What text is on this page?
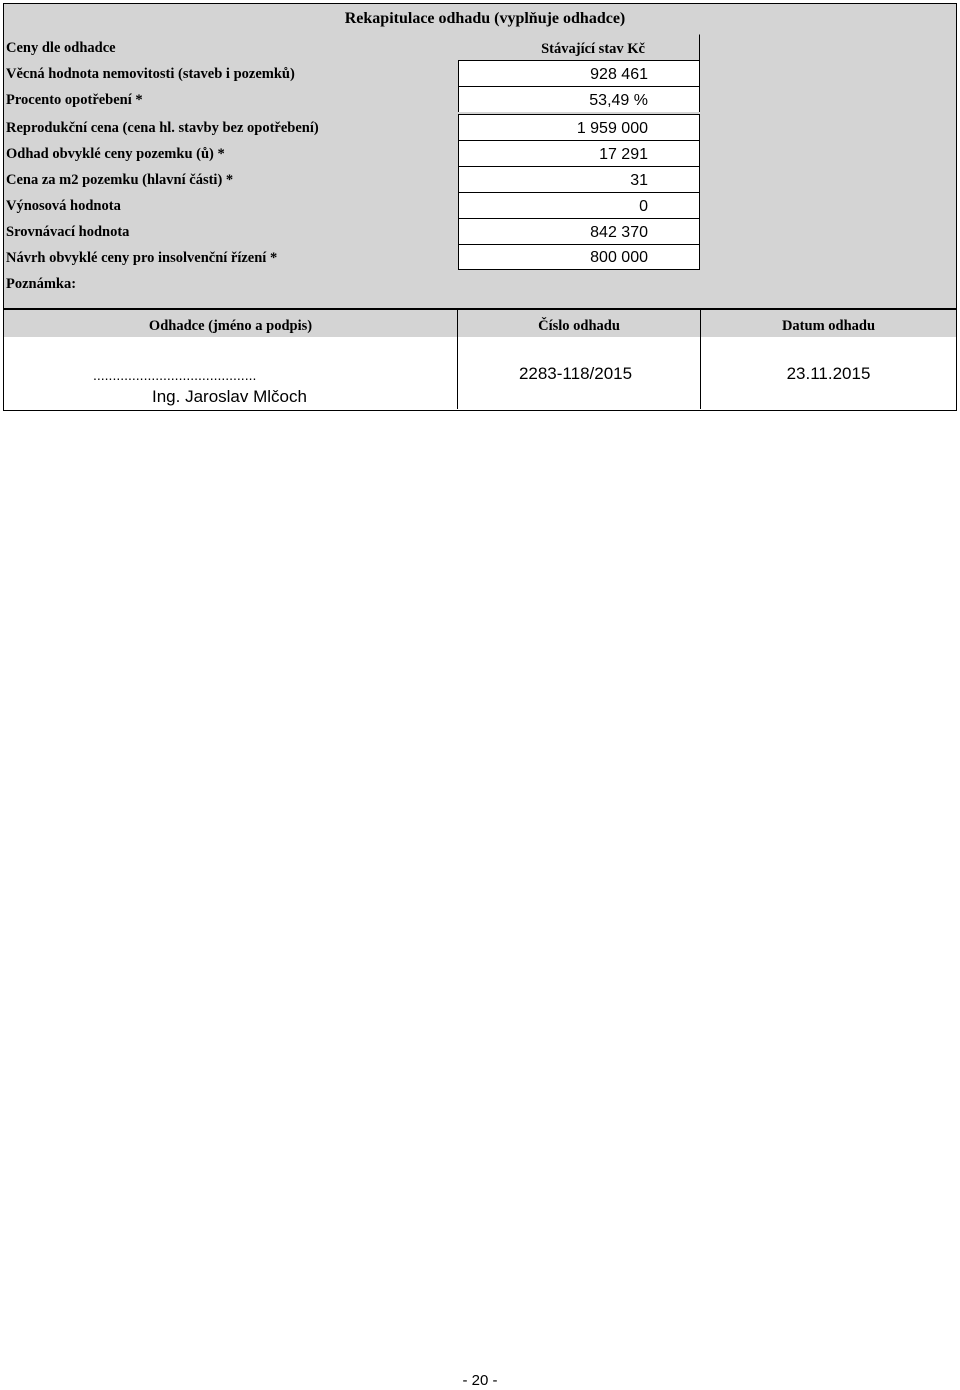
Rekapitulace odhadu (vyplňuje odhadce)
Ceny dle odhadce	Stávající stav Kč
Věcná hodnota nemovitosti (staveb i pozemků)	928 461
Procento opotřebení *	53,49 %
Reprodukční cena (cena hl. stavby bez opotřebení)	1 959 000
Odhad obvyklé ceny pozemku (ů) *	17 291
Cena za m2 pozemku (hlavní části) *	31
Výnosová hodnota	0
Srovnávací hodnota	842 370
Návrh obvyklé ceny pro insolvenční řízení *	800 000
Poznámka:
Odhadce (jméno a podpis)	Číslo odhadu	Datum odhadu
..........................................
Ing. Jaroslav Mlčoch
2283-118/2015	23.11.2015
- 20 -
